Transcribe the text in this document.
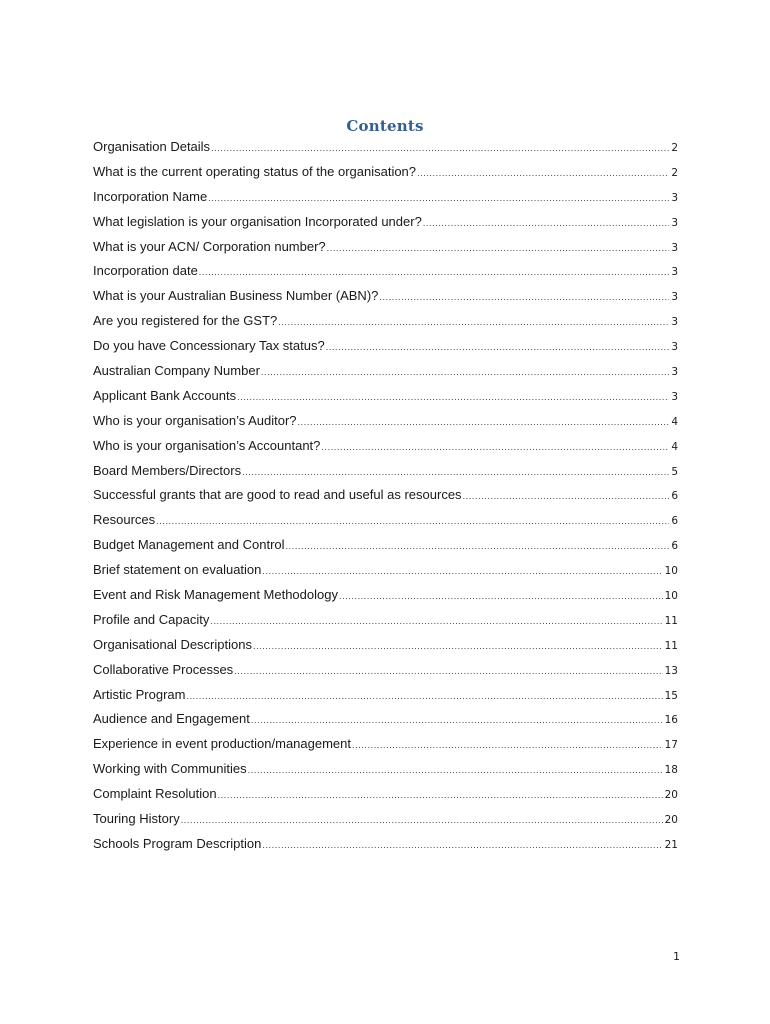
Contents
Organisation Details .....	2
What is the current operating status of the organisation? .....	2
Incorporation Name .....	3
What legislation is your organisation Incorporated under? .....	3
What is your ACN/ Corporation number? .....	3
Incorporation date .....	3
What is your Australian Business Number (ABN)? .....	3
Are you registered for the GST? .....	3
Do you have Concessionary Tax status? .....	3
Australian Company Number .....	3
Applicant Bank Accounts .....	3
Who is your organisation’s Auditor? .....	4
Who is your organisation’s Accountant? .....	4
Board Members/Directors .....	5
Successful grants that are good to read and useful as resources .....	6
Resources .....	6
Budget Management and Control .....	6
Brief statement on evaluation .....	10
Event and Risk Management Methodology .....	10
Profile and Capacity .....	11
Organisational Descriptions .....	11
Collaborative Processes .....	13
Artistic Program .....	15
Audience and Engagement .....	16
Experience in event production/management .....	17
Working with Communities .....	18
Complaint Resolution .....	20
Touring History .....	20
Schools Program Description .....	21
1
